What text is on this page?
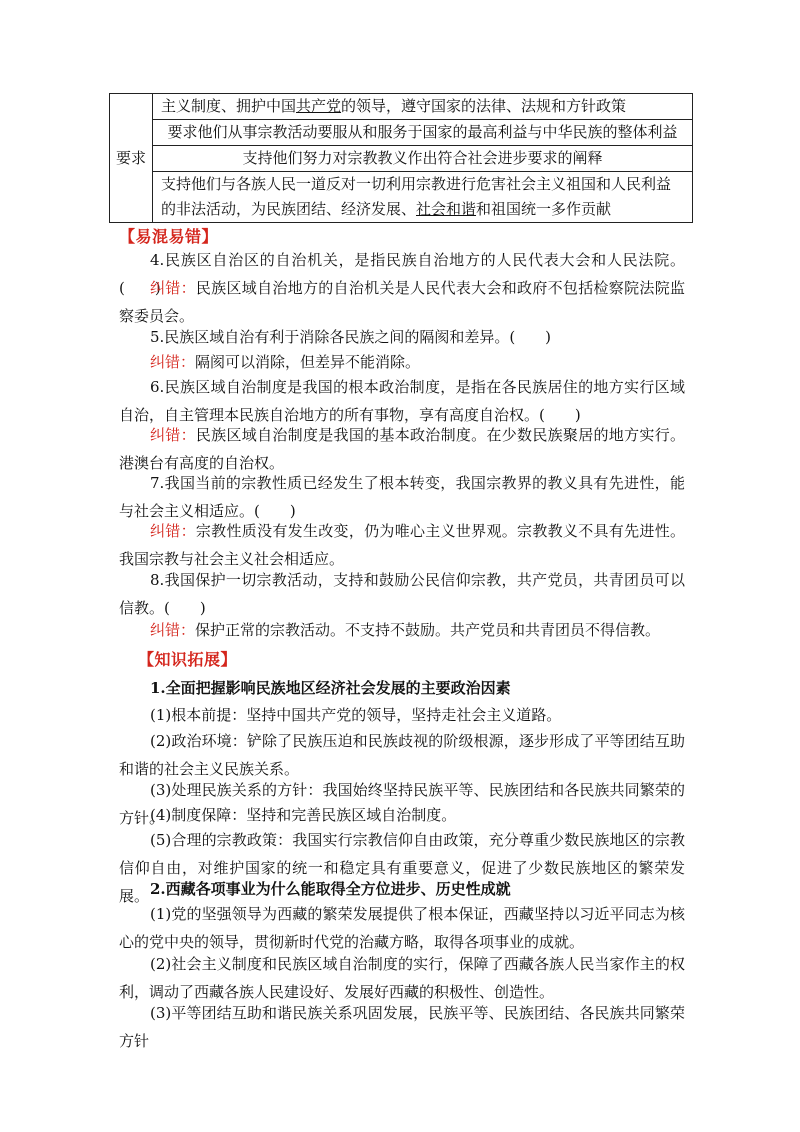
要求	主义制度、拥护中国共产党的领导，遵守国家的法律、法规和方针政策
要求他们从事宗教活动要服从和服务于国家的最高利益与中华民族的整体利益
支持他们努力对宗教教义作出符合社会进步要求的阐释
支持他们与各族人民一道反对一切利用宗教进行危害社会主义祖国和人民利益的非法活动，为民族团结、经济发展、社会和谐和祖国统一多作贡献
【易混易错】
4.民族区自治区的自治机关，是指民族自治地方的人民代表大会和人民法院。(　　)
纠错：民族区域自治地方的自治机关是人民代表大会和政府不包括检察院法院监察委员会。
5.民族区域自治有利于消除各民族之间的隔阂和差异。(　　)
纠错：隔阂可以消除，但差异不能消除。
6.民族区域自治制度是我国的根本政治制度，是指在各民族居住的地方实行区域自治，自主管理本民族自治地方的所有事物，享有高度自治权。(　　)
纠错：民族区域自治制度是我国的基本政治制度。在少数民族聚居的地方实行。港澳台有高度的自治权。
7.我国当前的宗教性质已经发生了根本转变，我国宗教界的教义具有先进性，能与社会主义相适应。(　　)
纠错：宗教性质没有发生改变，仍为唯心主义世界观。宗教教义不具有先进性。我国宗教与社会主义社会相适应。
8.我国保护一切宗教活动，支持和鼓励公民信仰宗教，共产党员，共青团员可以信教。(　　)
纠错：保护正常的宗教活动。不支持不鼓励。共产党员和共青团员不得信教。
【知识拓展】
1.全面把握影响民族地区经济社会发展的主要政治因素
(1)根本前提：坚持中国共产党的领导，坚持走社会主义道路。
(2)政治环境：铲除了民族压迫和民族歧视的阶级根源，逐步形成了平等团结互助和谐的社会主义民族关系。
(3)处理民族关系的方针：我国始终坚持民族平等、民族团结和各民族共同繁荣的方针。
(4)制度保障：坚持和完善民族区域自治制度。
(5)合理的宗教政策：我国实行宗教信仰自由政策，充分尊重少数民族地区的宗教信仰自由，对维护国家的统一和稳定具有重要意义，促进了少数民族地区的繁荣发展。 2.西藏各项事业为什么能取得全方位进步、历史性成就
(1)党的坚强领导为西藏的繁荣发展提供了根本保证，西藏坚持以习近平同志为核心的党中央的领导，贯彻新时代党的治藏方略，取得各项事业的成就。
(2)社会主义制度和民族区域自治制度的实行，保障了西藏各族人民当家作主的权利，调动了西藏各族人民建设好、发展好西藏的积极性、创造性。
(3)平等团结互助和谐民族关系巩固发展，民族平等、民族团结、各民族共同繁荣方针
